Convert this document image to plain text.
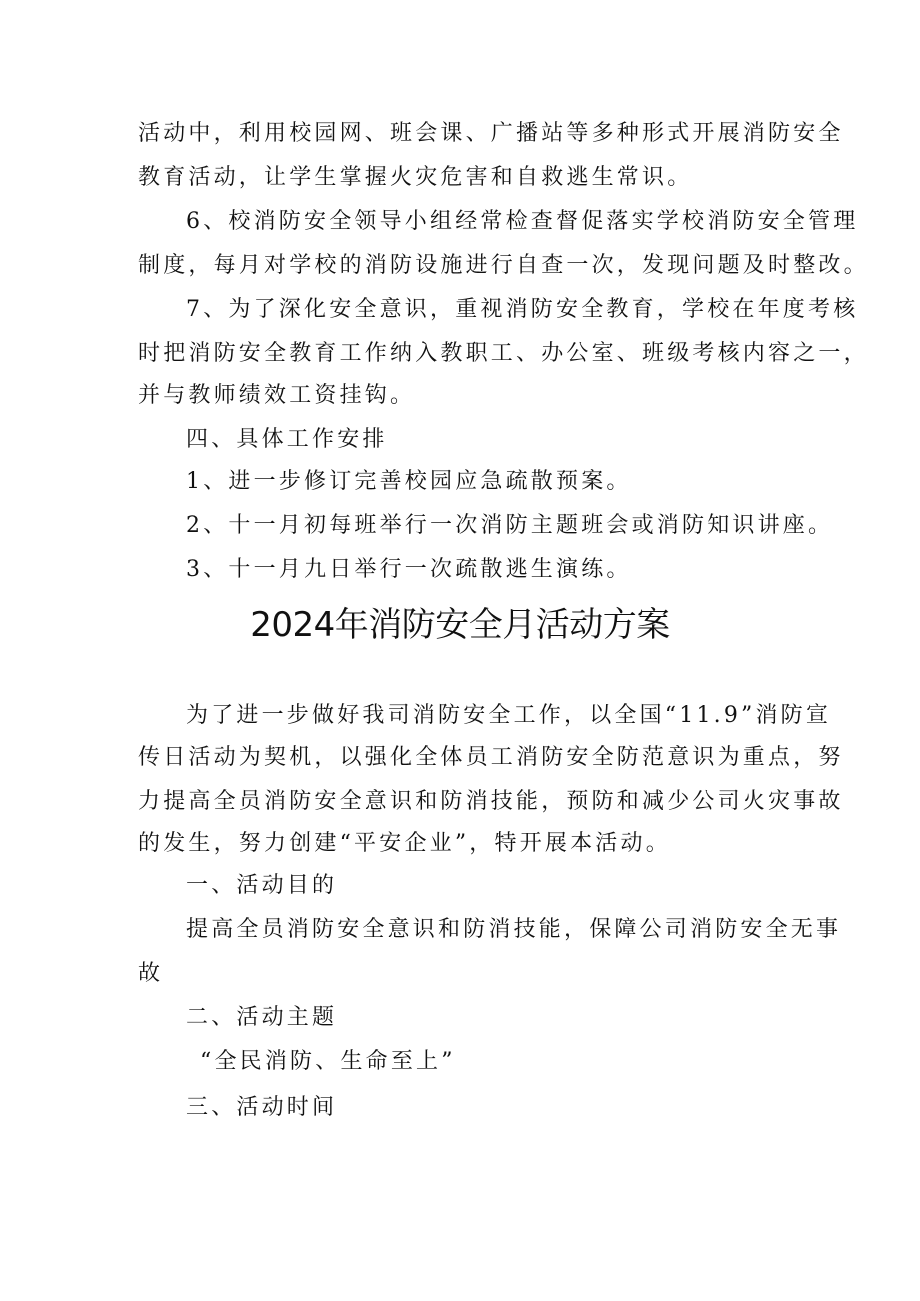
活动中，利用校园网、班会课、广播站等多种形式开展消防安全
教育活动，让学生掌握火灾危害和自救逃生常识。
6、校消防安全领导小组经常检查督促落实学校消防安全管理
制度，每月对学校的消防设施进行自查一次，发现问题及时整改。
7、为了深化安全意识，重视消防安全教育，学校在年度考核
时把消防安全教育工作纳入教职工、办公室、班级考核内容之一，
并与教师绩效工资挂钩。
四、具体工作安排
1、进一步修订完善校园应急疏散预案。
2、十一月初每班举行一次消防主题班会或消防知识讲座。
3、十一月九日举行一次疏散逃生演练。
2024年消防安全月活动方案
为了进一步做好我司消防安全工作，以全国“11.9”消防宣
传日活动为契机，以强化全体员工消防安全防范意识为重点，努
力提高全员消防安全意识和防消技能，预防和减少公司火灾事故
的发生，努力创建“平安企业”，特开展本活动。
一、活动目的
提高全员消防安全意识和防消技能，保障公司消防安全无事
故
二、活动主题
“全民消防、生命至上”
三、活动时间
